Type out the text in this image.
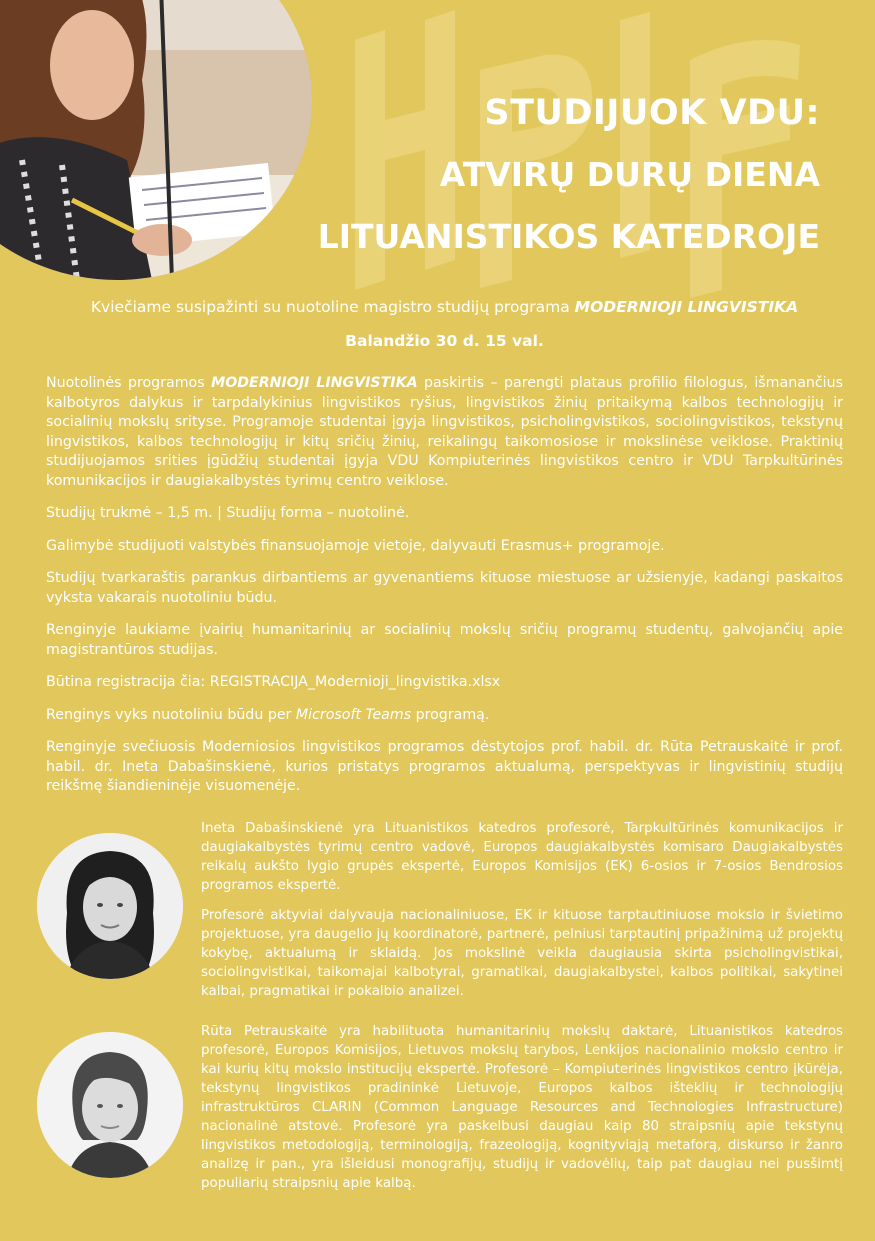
STUDIJUOK VDU:
ATVIRŲ DURŲ DIENA
LITUANISTIKOS KATEDROJE

Kviečiame susipažinti su nuotoline magistro studijų programa MODERNIOJI LINGVISTIKA

Balandžio 30 d. 15 val.

Nuotolinės programos MODERNIOJI LINGVISTIKA paskirtis – parengti plataus profilio filologus, išmanančius kalbotyros dalykus ir tarpdalykinius lingvistikos ryšius, lingvistikos žinių pritaikymą kalbos technologijų ir socialinių mokslų srityse. Programoje studentai įgyja lingvistikos, psicholingvistikos, sociolingvistikos, tekstynų lingvistikos, kalbos technologijų ir kitų sričių žinių, reikalingų taikomosiose ir mokslinėse veiklose. Praktinių studijuojamos srities įgūdžių studentai įgyja VDU Kompiuterinės lingvistikos centro ir VDU Tarpkultūrinės komunikacijos ir daugiakalbystės tyrimų centro veiklose.

Studijų trukmė – 1,5 m. | Studijų forma – nuotolinė.

Galimybė studijuoti valstybės finansuojamoje vietoje, dalyvauti Erasmus+ programoje.

Studijų tvarkaraštis parankus dirbantiems ar gyvenantiems kituose miestuose ar užsienyje, kadangi paskaitos vyksta vakarais nuotoliniu būdu.

Renginyje laukiame įvairių humanitarinių ar socialinių mokslų sričių programų studentų, galvojančių apie magistrantūros studijas.

Būtina registracija čia: REGISTRACIJA_Modernioji_lingvistika.xlsx

Renginys vyks nuotoliniu būdu per Microsoft Teams programą.

Renginyje svečiuosis Moderniosios lingvistikos programos dėstytojos prof. habil. dr. Rūta Petrauskaitė ir prof. habil. dr. Ineta Dabašinskienė, kurios pristatys programos aktualumą, perspektyvas ir lingvistinių studijų reikšmę šiandieninėje visuomenėje.

Ineta Dabašinskienė yra Lituanistikos katedros profesorė, Tarpkultūrinės komunikacijos ir daugiakalbystės tyrimų centro vadovė, Europos daugiakalbystės komisaro Daugiakalbystės reikalų aukšto lygio grupės ekspertė, Europos Komisijos (EK) 6-osios ir 7-osios Bendrosios programos ekspertė.

Profesorė aktyviai dalyvauja nacionaliniuose, EK ir kituose tarptautiniuose mokslo ir švietimo projektuose, yra daugelio jų koordinatorė, partnerė, pelniusi tarptautinį pripažinimą už projektų kokybę, aktualumą ir sklaidą. Jos mokslinė veikla daugiausia skirta psicholingvistikai, sociolingvistikai, taikomajai kalbotyrai, gramatikai, daugiakalbystei, kalbos politikai, sakytinei kalbai, pragmatikai ir pokalbio analizei.

Rūta Petrauskaitė yra habilituota humanitarinių mokslų daktarė, Lituanistikos katedros profesorė, Europos Komisijos, Lietuvos mokslų tarybos, Lenkijos nacionalinio mokslo centro ir kai kurių kitų mokslo institucijų ekspertė. Profesorė – Kompiuterinės lingvistikos centro įkūrėja, tekstynų lingvistikos pradininkė Lietuvoje, Europos kalbos išteklių ir technologijų infrastruktūros CLARIN (Common Language Resources and Technologies Infrastructure) nacionalinė atstovė. Profesorė yra paskelbusi daugiau kaip 80 straipsnių apie tekstynų lingvistikos metodologiją, terminologiją, frazeologiją, kognityviąją metaforą, diskurso ir žanro analizę ir pan., yra išleidusi monografijų, studijų ir vadovėlių, taip pat daugiau nei pusšimtį populiarių straipsnių apie kalbą.
